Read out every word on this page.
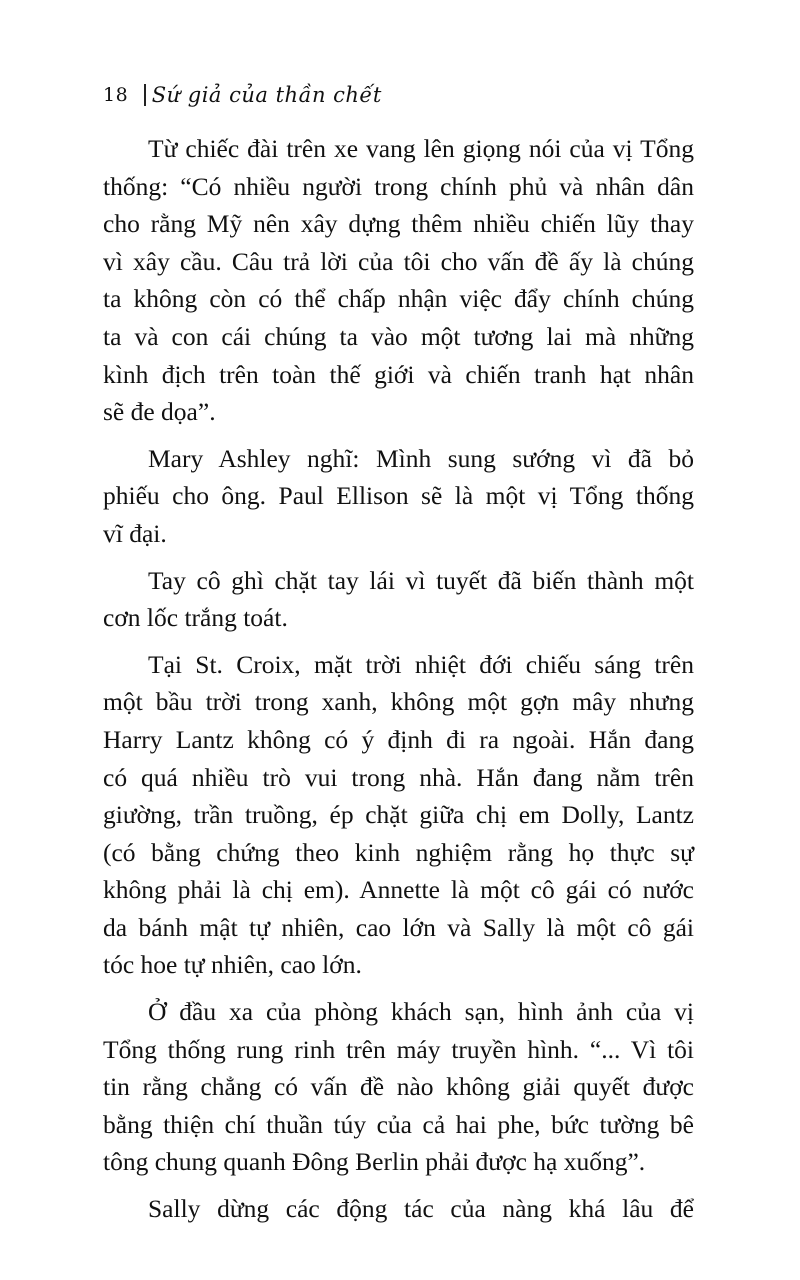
18 Sứ giả của thần chết
Từ chiếc đài trên xe vang lên giọng nói của vị Tổng
thống: “Có nhiều người trong chính phủ và nhân dân
cho rằng Mỹ nên xây dựng thêm nhiều chiến lũy thay
vì xây cầu. Câu trả lời của tôi cho vấn đề ấy là chúng
ta không còn có thể chấp nhận việc đẩy chính chúng
ta và con cái chúng ta vào một tương lai mà những
kình địch trên toàn thế giới và chiến tranh hạt nhân
sẽ đe dọa”.
Mary Ashley nghĩ: Mình sung sướng vì đã bỏ
phiếu cho ông. Paul Ellison sẽ là một vị Tổng thống
vĩ đại.
Tay cô ghì chặt tay lái vì tuyết đã biến thành một
cơn lốc trắng toát.
Tại St. Croix, mặt trời nhiệt đới chiếu sáng trên
một bầu trời trong xanh, không một gợn mây nhưng
Harry Lantz không có ý định đi ra ngoài. Hắn đang
có quá nhiều trò vui trong nhà. Hắn đang nằm trên
giường, trần truồng, ép chặt giữa chị em Dolly, Lantz
(có bằng chứng theo kinh nghiệm rằng họ thực sự
không phải là chị em). Annette là một cô gái có nước
da bánh mật tự nhiên, cao lớn và Sally là một cô gái
tóc hoe tự nhiên, cao lớn.
Ở đầu xa của phòng khách sạn, hình ảnh của vị
Tổng thống rung rinh trên máy truyền hình. “... Vì tôi
tin rằng chẳng có vấn đề nào không giải quyết được
bằng thiện chí thuần túy của cả hai phe, bức tường bê
tông chung quanh Đông Berlin phải được hạ xuống”.
Sally dừng các động tác của nàng khá lâu để
